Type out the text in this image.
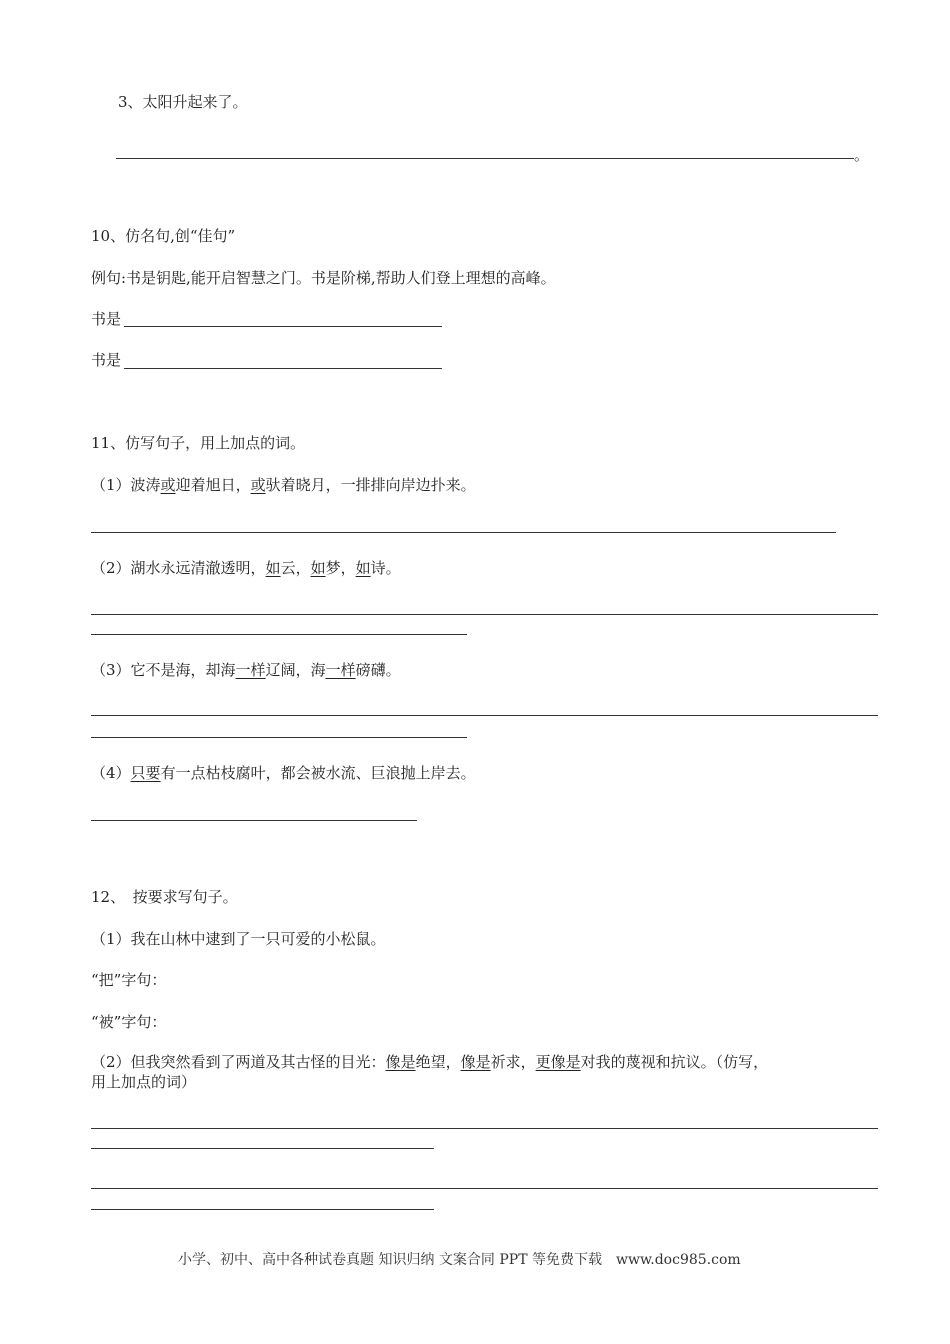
3、太阳升起来了。
。
10、仿名句,创“佳句”
例句:书是钥匙,能开启智慧之门。书是阶梯,帮助人们登上理想的高峰。
书是
书是
11、仿写句子，用上加点的词。
（1）波涛或迎着旭日，或驮着晓月，一排排向岸边扑来。
（2）湖水永远清澈透明，如云，如梦，如诗。
（3）它不是海，却海一样辽阔，海一样磅礴。
（4）只要有一点枯枝腐叶，都会被水流、巨浪抛上岸去。
12、　按要求写句子。
（1）我在山林中逮到了一只可爱的小松鼠。
“把”字句：
“被”字句：
（2）但我突然看到了两道及其古怪的目光：像是绝望，像是祈求，更像是对我的蔑视和抗议。（仿写，
用上加点的词）
小学、初中、高中各种试卷真题 知识归纳 文案合同 PPT 等免费下载　www.doc985.com
